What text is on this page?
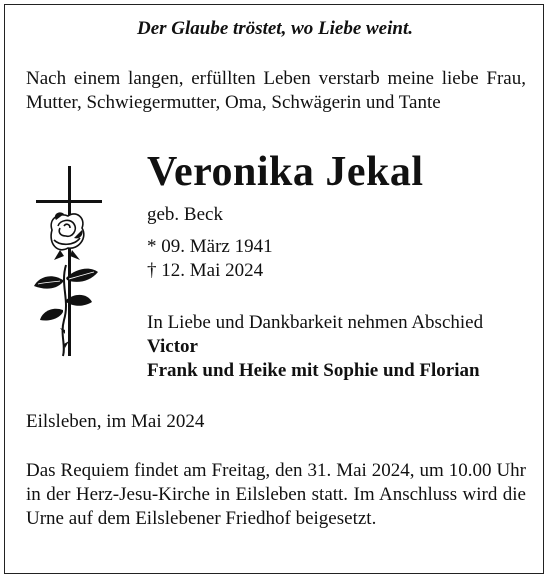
Der Glaube tröstet, wo Liebe weint.
Nach einem langen, erfüllten Leben verstarb meine liebe Frau, Mutter, Schwiegermutter, Oma, Schwägerin und Tante
Veronika Jekal
geb. Beck
* 09. März 1941
† 12. Mai 2024
In Liebe und Dankbarkeit nehmen Abschied
Victor
Frank und Heike mit Sophie und Florian
Eilsleben, im Mai 2024
Das Requiem findet am Freitag, den 31. Mai 2024, um 10.00 Uhr in der Herz-Jesu-Kirche in Eilsleben statt. Im Anschluss wird die Urne auf dem Eilslebener Friedhof beigesetzt.
